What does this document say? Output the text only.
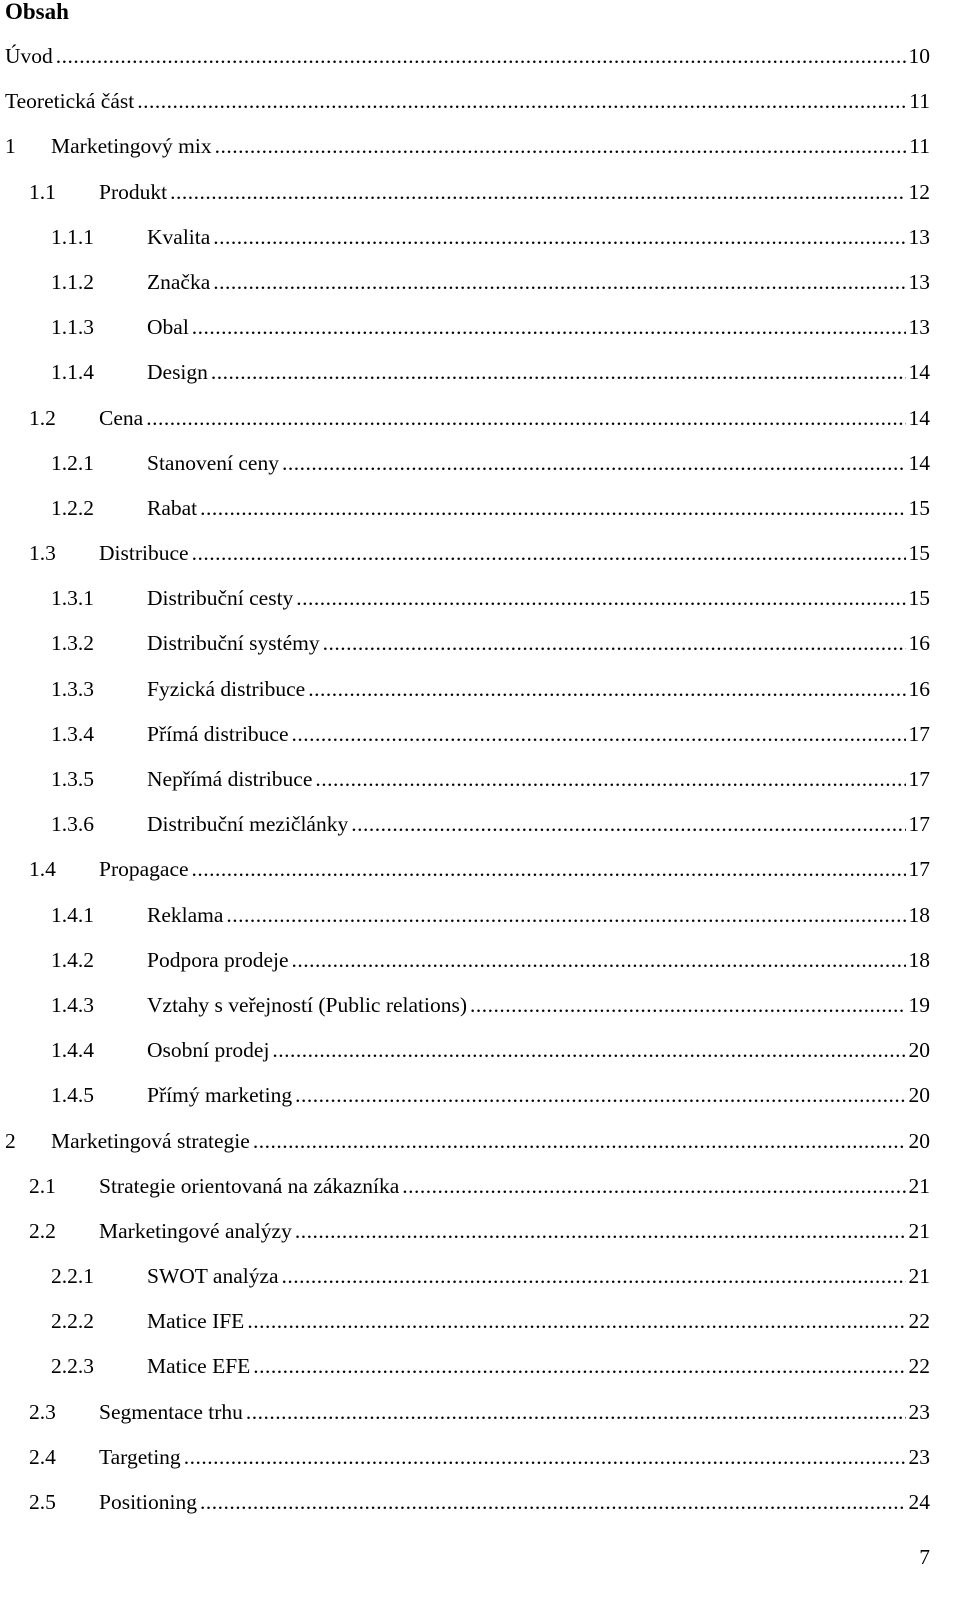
Obsah
Úvod .....	10
Teoretická část .....	11
1	Marketingový mix .....	11
1.1	Produkt .....	12
1.1.1	Kvalita .....	13
1.1.2	Značka .....	13
1.1.3	Obal .....	13
1.1.4	Design .....	14
1.2	Cena .....	14
1.2.1	Stanovení ceny .....	14
1.2.2	Rabat .....	15
1.3	Distribuce .....	15
1.3.1	Distribuční cesty .....	15
1.3.2	Distribuční systémy .....	16
1.3.3	Fyzická distribuce .....	16
1.3.4	Přímá distribuce .....	17
1.3.5	Nepřímá distribuce .....	17
1.3.6	Distribuční mezičlánky .....	17
1.4	Propagace .....	17
1.4.1	Reklama .....	18
1.4.2	Podpora prodeje .....	18
1.4.3	Vztahy s veřejností (Public relations) .....	19
1.4.4	Osobní prodej .....	20
1.4.5	Přímý marketing .....	20
2	Marketingová strategie .....	20
2.1	Strategie orientovaná na zákazníka .....	21
2.2	Marketingové analýzy .....	21
2.2.1	SWOT analýza .....	21
2.2.2	Matice IFE .....	22
2.2.3	Matice EFE .....	22
2.3	Segmentace trhu .....	23
2.4	Targeting .....	23
2.5	Positioning .....	24
7
